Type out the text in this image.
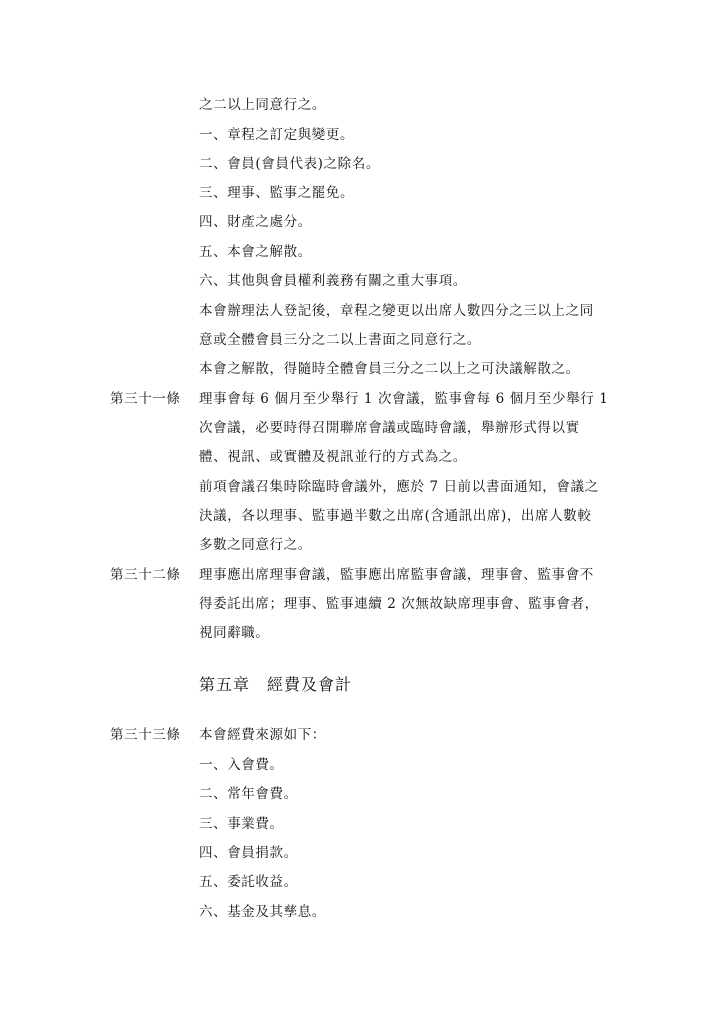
之二以上同意行之。
一、章程之訂定與變更。
二、會員(會員代表)之除名。
三、理事、監事之罷免。
四、財產之處分。
五、本會之解散。
六、其他與會員權利義務有關之重大事項。
本會辦理法人登記後，章程之變更以出席人數四分之三以上之同
意或全體會員三分之二以上書面之同意行之。
本會之解散，得隨時全體會員三分之二以上之可決議解散之。
第三十一條 理事會每 6 個月至少舉行 1 次會議，監事會每 6 個月至少舉行 1
次會議，必要時得召開聯席會議或臨時會議，舉辦形式得以實
體、視訊、或實體及視訊並行的方式為之。
前項會議召集時除臨時會議外，應於 7 日前以書面通知，會議之
決議，各以理事、監事過半數之出席(含通訊出席)，出席人數較
多數之同意行之。
第三十二條 理事應出席理事會議，監事應出席監事會議，理事會、監事會不
得委託出席；理事、監事連續 2 次無故缺席理事會、監事會者，
視同辭職。
第五章　經費及會計
第三十三條 本會經費來源如下：
一、入會費。
二、常年會費。
三、事業費。
四、會員捐款。
五、委託收益。
六、基金及其孳息。
